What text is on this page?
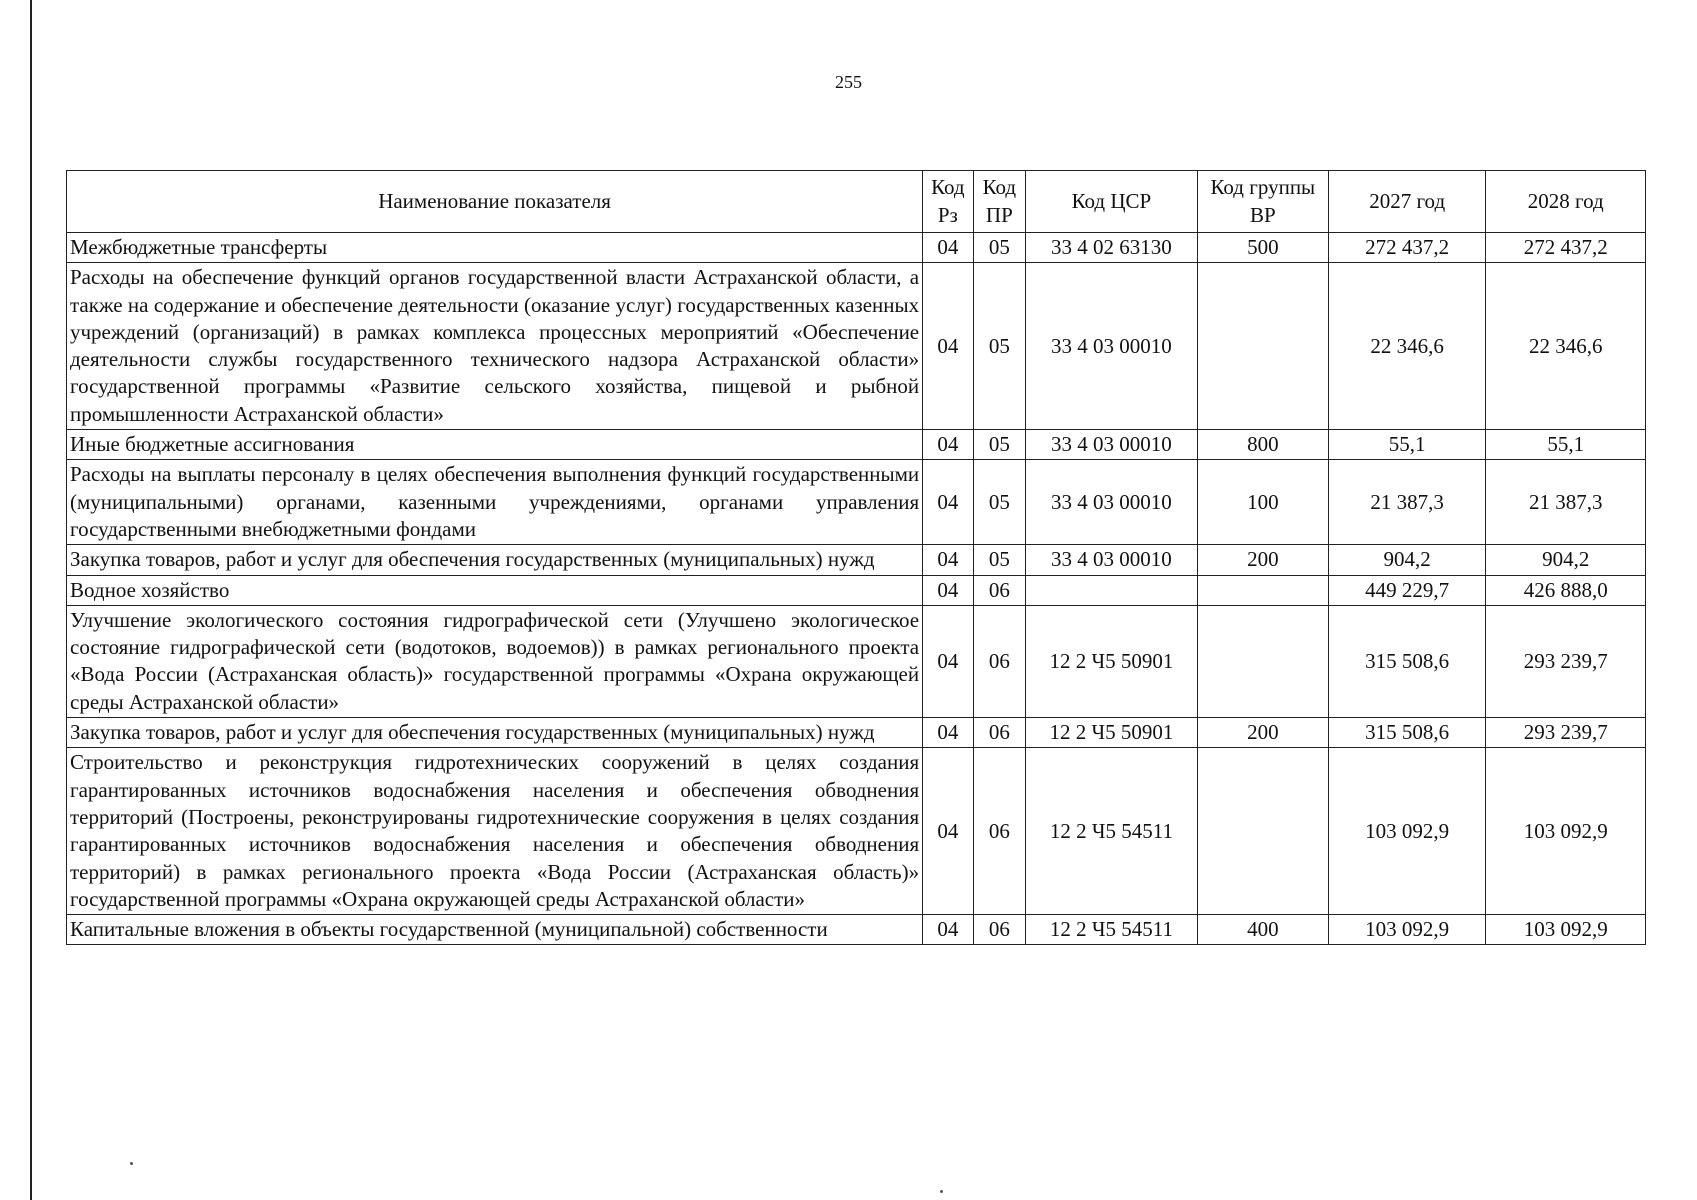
255
Наименование показателя	Код Рз	Код ПР	Код ЦСР	Код группы ВР	2027 год	2028 год
Межбюджетные трансферты	04	05	33 4 02 63130	500	272 437,2	272 437,2
Расходы на обеспечение функций органов государственной власти Астраханской области, а также на содержание и обеспечение деятельности (оказание услуг) государственных казенных учреждений (организаций) в рамках комплекса процессных мероприятий «Обеспечение деятельности службы государственного технического надзора Астраханской области» государственной программы «Развитие сельского хозяйства, пищевой и рыбной промышленности Астраханской области»	04	05	33 4 03 00010		22 346,6	22 346,6
Иные бюджетные ассигнования	04	05	33 4 03 00010	800	55,1	55,1
Расходы на выплаты персоналу в целях обеспечения выполнения функций государственными (муниципальными) органами, казенными учреждениями, органами управления государственными внебюджетными фондами	04	05	33 4 03 00010	100	21 387,3	21 387,3
Закупка товаров, работ и услуг для обеспечения государственных (муниципальных) нужд	04	05	33 4 03 00010	200	904,2	904,2
Водное хозяйство	04	06			449 229,7	426 888,0
Улучшение экологического состояния гидрографической сети (Улучшено экологическое состояние гидрографической сети (водотоков, водоемов)) в рамках регионального проекта «Вода России (Астраханская область)» государственной программы «Охрана окружающей среды Астраханской области»	04	06	12 2 Ч5 50901		315 508,6	293 239,7
Закупка товаров, работ и услуг для обеспечения государственных (муниципальных) нужд	04	06	12 2 Ч5 50901	200	315 508,6	293 239,7
Строительство и реконструкция гидротехнических сооружений в целях создания гарантированных источников водоснабжения населения и обеспечения обводнения территорий (Построены, реконструированы гидротехнические сооружения в целях создания гарантированных источников водоснабжения населения и обеспечения обводнения территорий) в рамках регионального проекта «Вода России (Астраханская область)» государственной программы «Охрана окружающей среды Астраханской области»	04	06	12 2 Ч5 54511		103 092,9	103 092,9
Капитальные вложения в объекты государственной (муниципальной) собственности	04	06	12 2 Ч5 54511	400	103 092,9	103 092,9
